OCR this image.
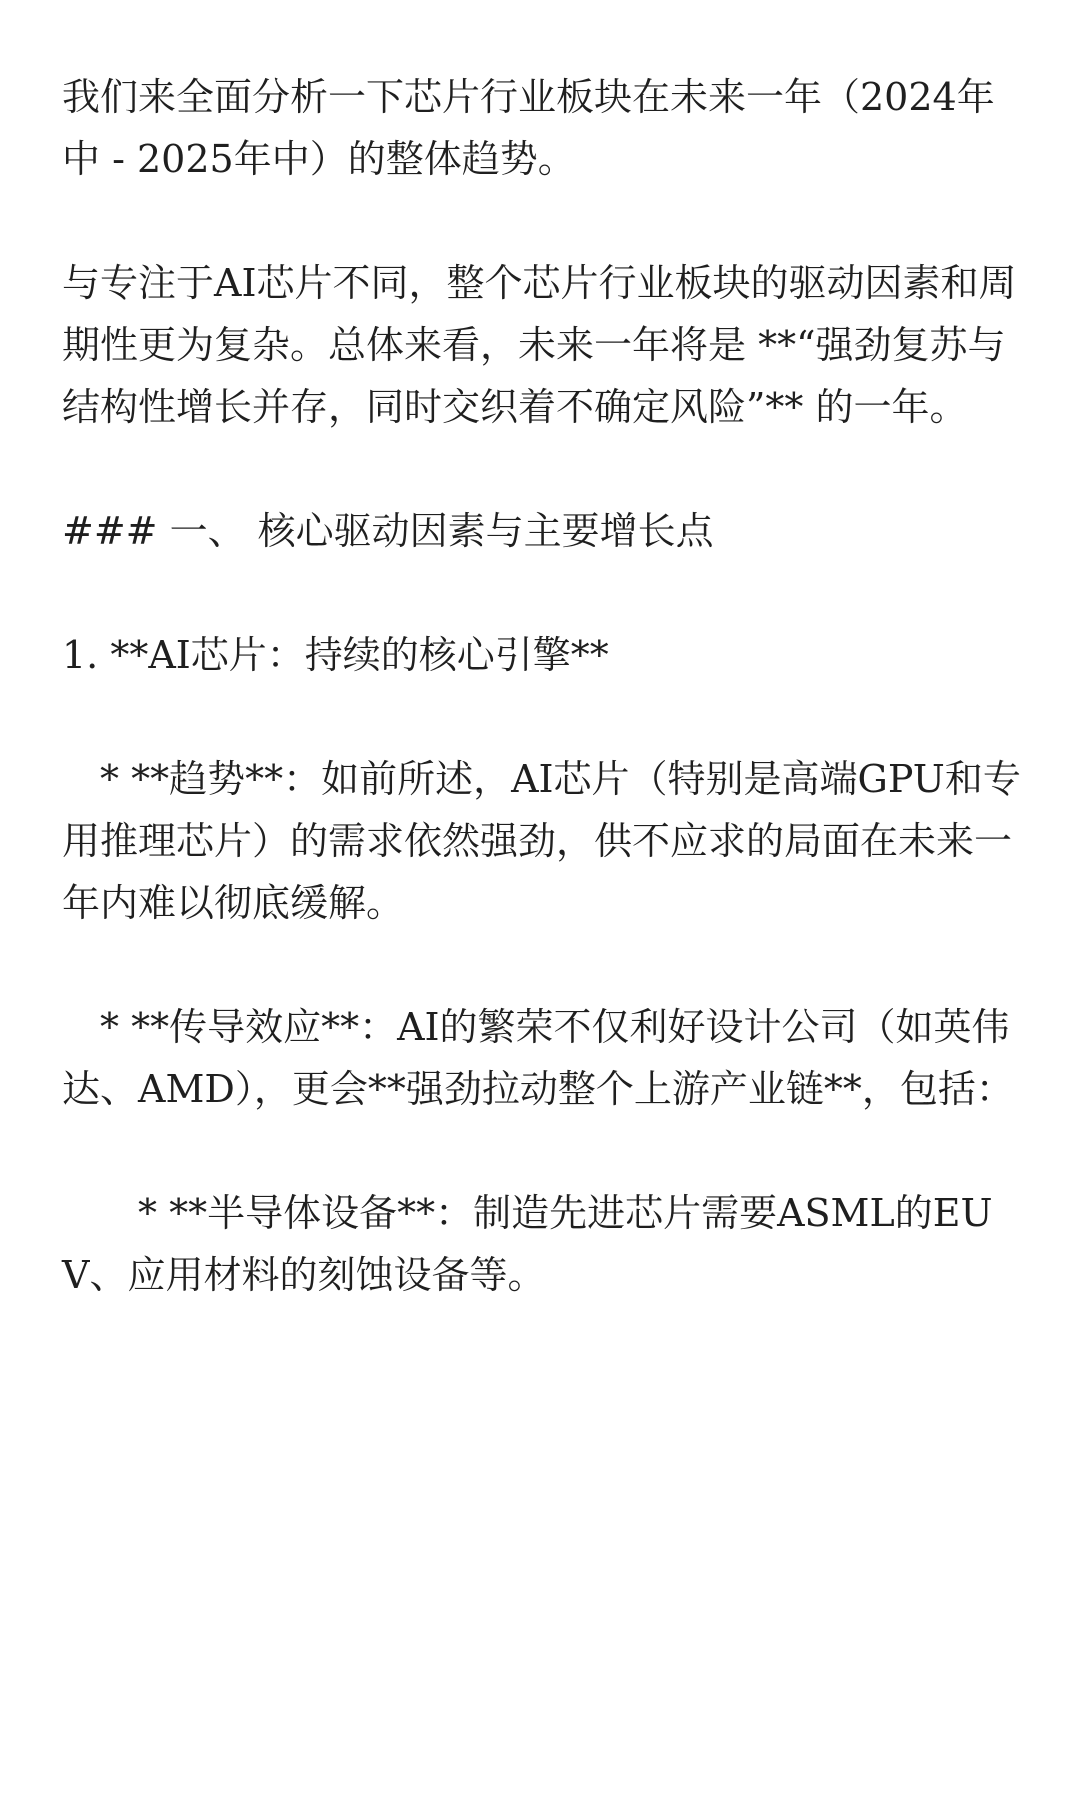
我们来全面分析一下芯片行业板块在未来一年（2024年中 - 2025年中）的整体趋势。

与专注于AI芯片不同，整个芯片行业板块的驱动因素和周期性更为复杂。总体来看，未来一年将是 **“强劲复苏与结构性增长并存，同时交织着不确定风险”** 的一年。

### 一、 核心驱动因素与主要增长点

1. **AI芯片：持续的核心引擎**

* **趋势**：如前所述，AI芯片（特别是高端GPU和专用推理芯片）的需求依然强劲，供不应求的局面在未来一年内难以彻底缓解。

* **传导效应**：AI的繁荣不仅利好设计公司（如英伟达、AMD），更会**强劲拉动整个上游产业链**，包括：

* **半导体设备**：制造先进芯片需要ASML的EUV、应用材料的刻蚀设备等。
